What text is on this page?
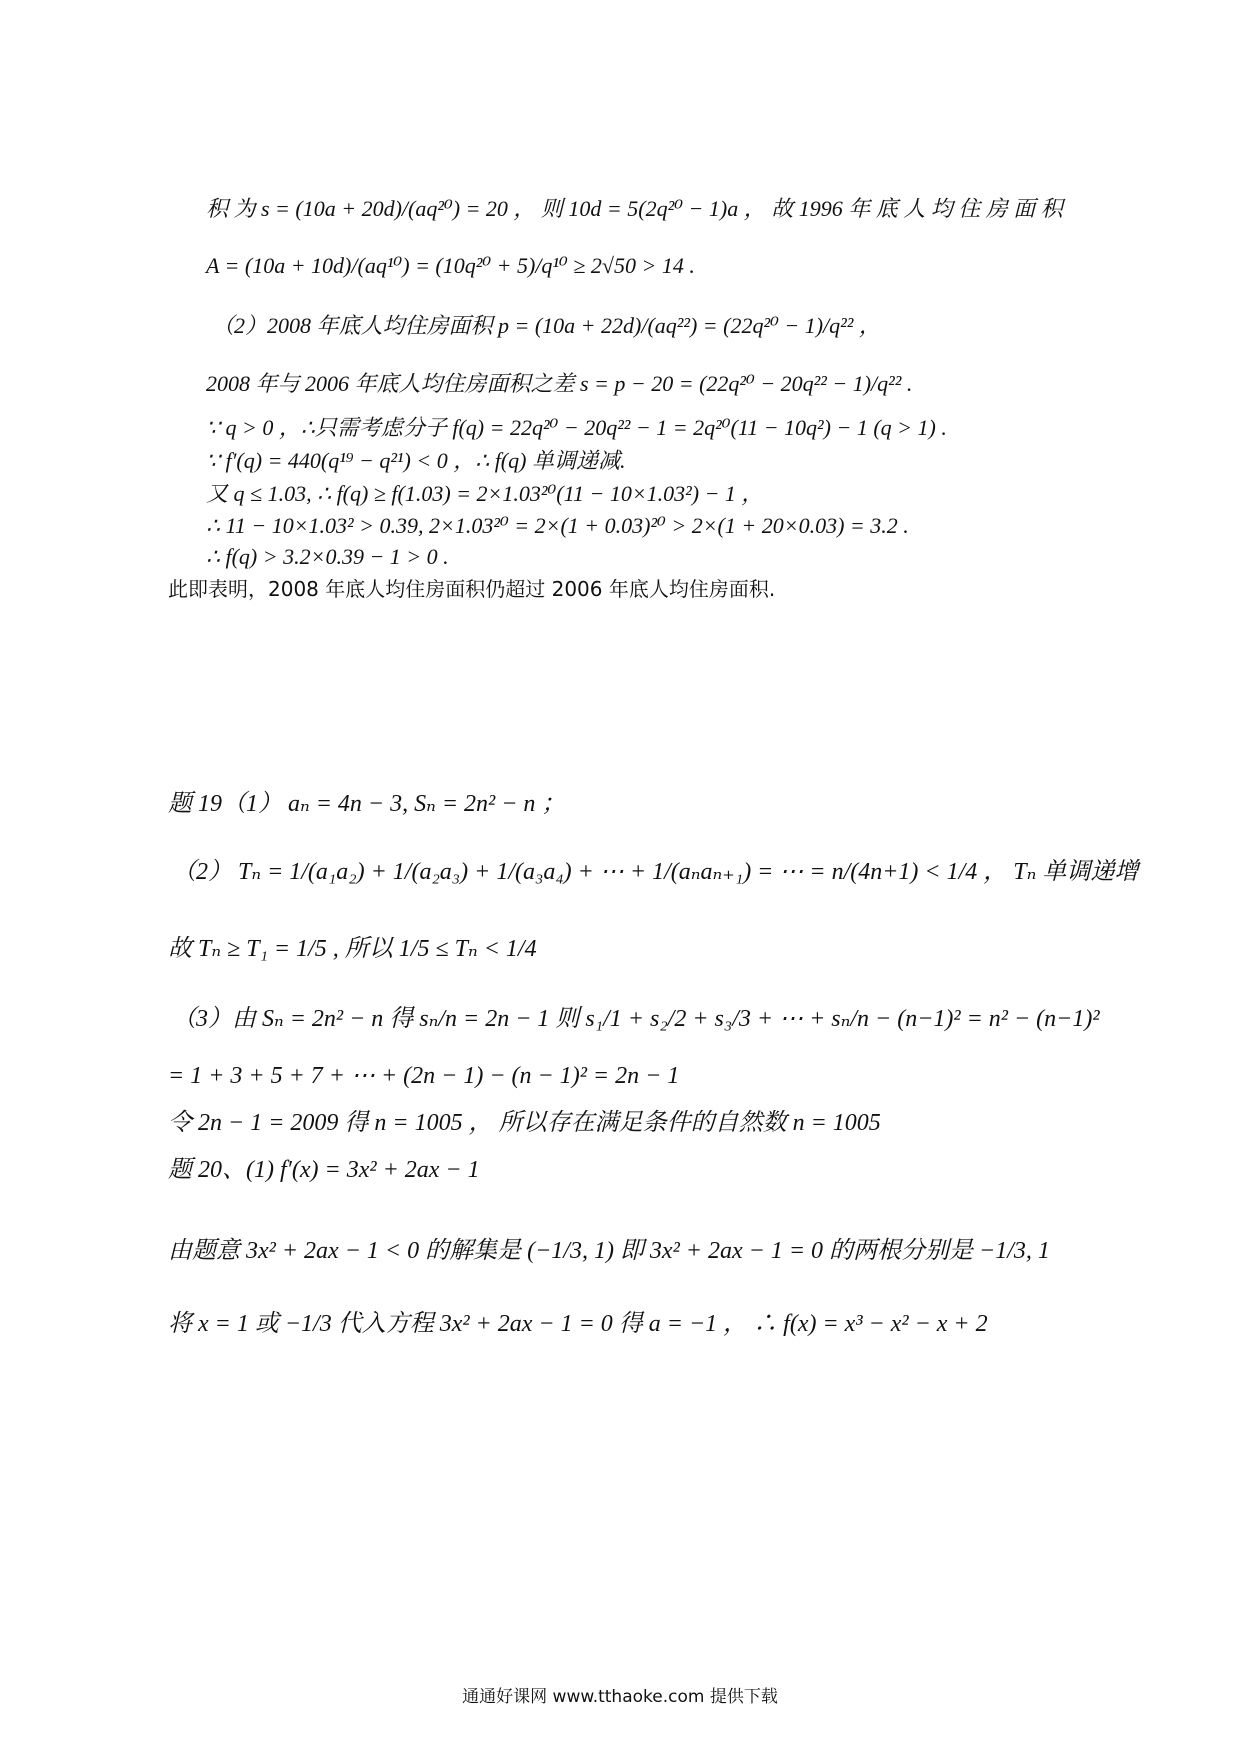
积 为 s = (10a + 20d)/(aq²⁰) = 20 ， 则 10d = 5(2q²⁰ − 1)a ， 故 1996 年 底 人 均 住 房 面 积
A = (10a + 10d)/(aq¹⁰) = (10q²⁰ + 5)/q¹⁰ ≥ 2√50 > 14 .
（2）2008 年底人均住房面积 p = (10a + 22d)/(aq²²) = (22q²⁰ − 1)/q²² ，
2008 年与 2006 年底人均住房面积之差 s = p − 20 = (22q²⁰ − 20q²² − 1)/q²² .
∵ q > 0 ，∴只需考虑分子 f(q) = 22q²⁰ − 20q²² − 1 = 2q²⁰(11 − 10q²) − 1 (q > 1) .
∵ f′(q) = 440(q¹⁹ − q²¹) < 0 ，∴ f(q) 单调递减.
又 q ≤ 1.03, ∴ f(q) ≥ f(1.03) = 2×1.03²⁰(11 − 10×1.03²) − 1 ，
∴ 11 − 10×1.03² > 0.39, 2×1.03²⁰ = 2×(1 + 0.03)²⁰ > 2×(1 + 20×0.03) = 3.2 .
∴ f(q) > 3.2×0.39 − 1 > 0 .
此即表明，2008 年底人均住房面积仍超过 2006 年底人均住房面积.
题 19（1） aₙ = 4n − 3, Sₙ = 2n² − n ；
（2） Tₙ = 1/(a₁a₂) + 1/(a₂a₃) + 1/(a₃a₄) + ⋯ + 1/(aₙaₙ₊₁) = ⋯ = n/(4n+1) < 1/4 ， Tₙ 单调递增
故 Tₙ ≥ T₁ = 1/5 , 所以 1/5 ≤ Tₙ < 1/4
（3）由 Sₙ = 2n² − n 得 sₙ/n = 2n − 1 则 s₁/1 + s₂/2 + s₃/3 + ⋯ + sₙ/n − (n−1)² = n² − (n−1)²
= 1 + 3 + 5 + 7 + ⋯ + (2n − 1) − (n − 1)² = 2n − 1
令 2n − 1 = 2009 得 n = 1005 ， 所以存在满足条件的自然数 n = 1005
题 20、(1) f′(x) = 3x² + 2ax − 1
由题意 3x² + 2ax − 1 < 0 的解集是 (−1/3, 1) 即 3x² + 2ax − 1 = 0 的两根分别是 −1/3, 1
将 x = 1 或 −1/3 代入方程 3x² + 2ax − 1 = 0 得 a = −1 ， ∴ f(x) = x³ − x² − x + 2
通通好课网 www.tthaoke.com 提供下载
